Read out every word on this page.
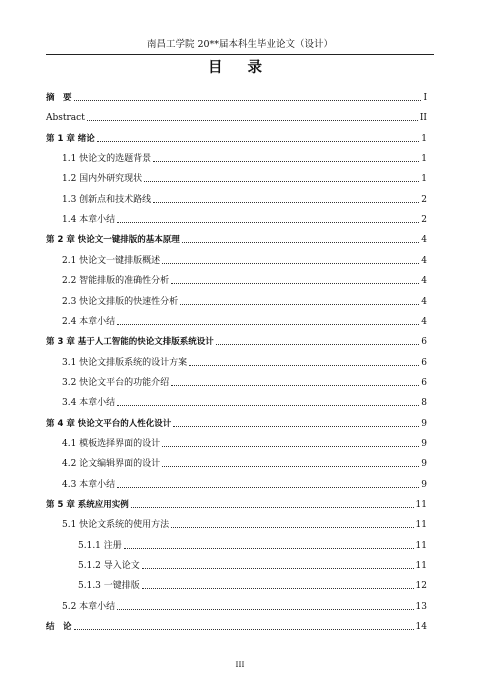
南昌工学院 20**届本科生毕业论文（设计）
目 录
摘　要	I
Abstract	II
第 1 章 绪论	1
1.1 快论文的选题背景	1
1.2 国内外研究现状	1
1.3 创新点和技术路线	2
1.4 本章小结	2
第 2 章 快论文一键排版的基本原理	4
2.1 快论文一键排版概述	4
2.2 智能排版的准确性分析	4
2.3 快论文排版的快速性分析	4
2.4 本章小结	4
第 3 章 基于人工智能的快论文排版系统设计	6
3.1 快论文排版系统的设计方案	6
3.2 快论文平台的功能介绍	6
3.4 本章小结	8
第 4 章 快论文平台的人性化设计	9
4.1 模板选择界面的设计	9
4.2 论文编辑界面的设计	9
4.3 本章小结	9
第 5 章 系统应用实例	11
5.1 快论文系统的使用方法	11
5.1.1 注册	11
5.1.2 导入论文	11
5.1.3 一键排版	12
5.2 本章小结	13
结　论	14
III
